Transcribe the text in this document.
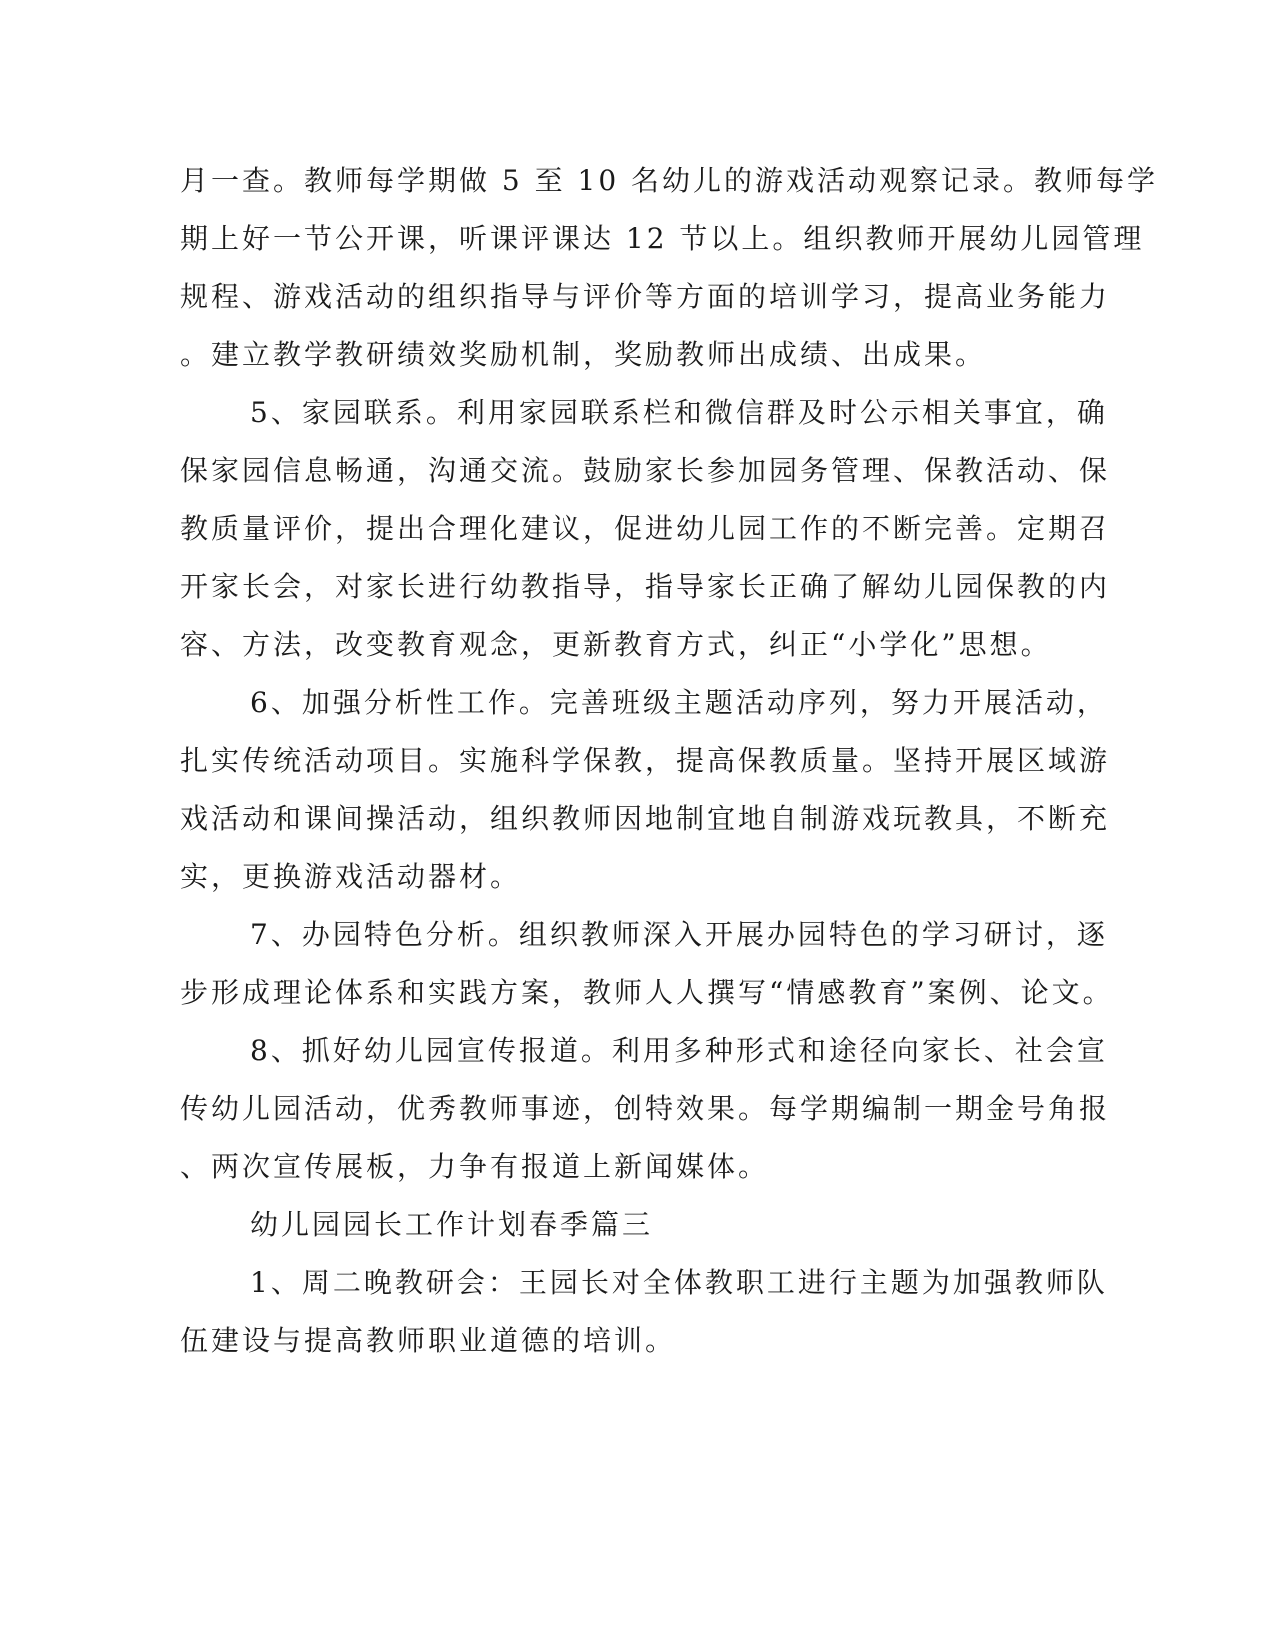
月一查。教师每学期做 5 至 10 名幼儿的游戏活动观察记录。教师每学

期上好一节公开课，听课评课达 12 节以上。组织教师开展幼儿园管理

规程、游戏活动的组织指导与评价等方面的培训学习，提高业务能力

。建立教学教研绩效奖励机制，奖励教师出成绩、出成果。

5、家园联系。利用家园联系栏和微信群及时公示相关事宜，确

保家园信息畅通，沟通交流。鼓励家长参加园务管理、保教活动、保

教质量评价，提出合理化建议，促进幼儿园工作的不断完善。定期召

开家长会，对家长进行幼教指导，指导家长正确了解幼儿园保教的内

容、方法，改变教育观念，更新教育方式，纠正“小学化”思想。

6、加强分析性工作。完善班级主题活动序列，努力开展活动，

扎实传统活动项目。实施科学保教，提高保教质量。坚持开展区域游

戏活动和课间操活动，组织教师因地制宜地自制游戏玩教具，不断充

实，更换游戏活动器材。

7、办园特色分析。组织教师深入开展办园特色的学习研讨，逐

步形成理论体系和实践方案，教师人人撰写“情感教育”案例、论文。

8、抓好幼儿园宣传报道。利用多种形式和途径向家长、社会宣

传幼儿园活动，优秀教师事迹，创特效果。每学期编制一期金号角报

、两次宣传展板，力争有报道上新闻媒体。

幼儿园园长工作计划春季篇三

1、周二晚教研会：王园长对全体教职工进行主题为加强教师队

伍建设与提高教师职业道德的培训。
